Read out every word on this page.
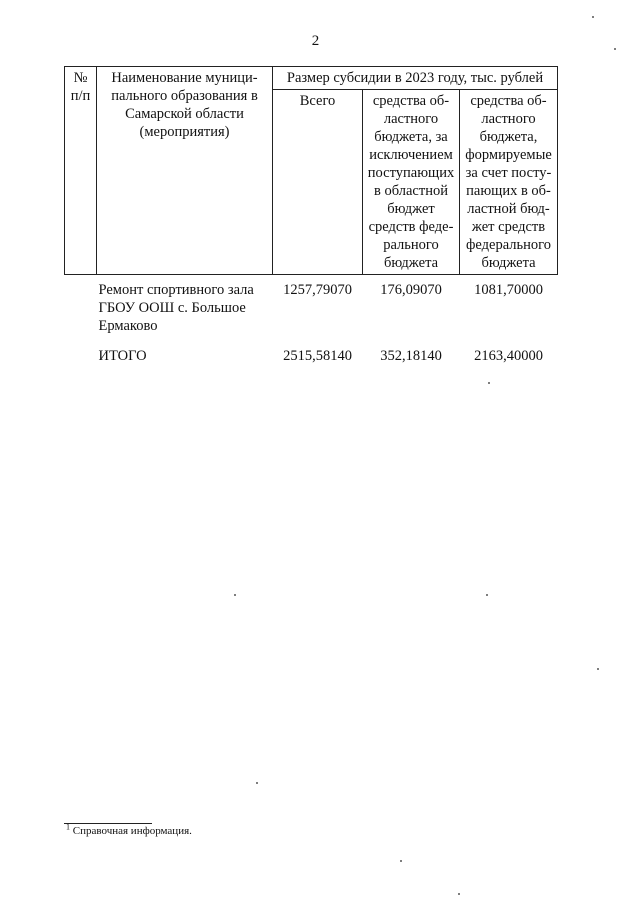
2
№ п/п	Наименование муници-пального образования в Самарской области (мероприятия)	Размер субсидии в 2023 году, тыс. рублей		
		Всего	средства об-ластного бюджета, за исключением поступающих в областной бюджет средств феде-рального бюджета	средства об-ластного бюджета, формируемые за счет посту-пающих в об-ластной бюд-жет средств федерального бюджета
	Ремонт спортивного зала ГБОУ ООШ с. Большое Ермаково	1257,79070	176,09070	1081,70000
	ИТОГО	2515,58140	352,18140	2163,40000
$^1$ Справочная информация.
